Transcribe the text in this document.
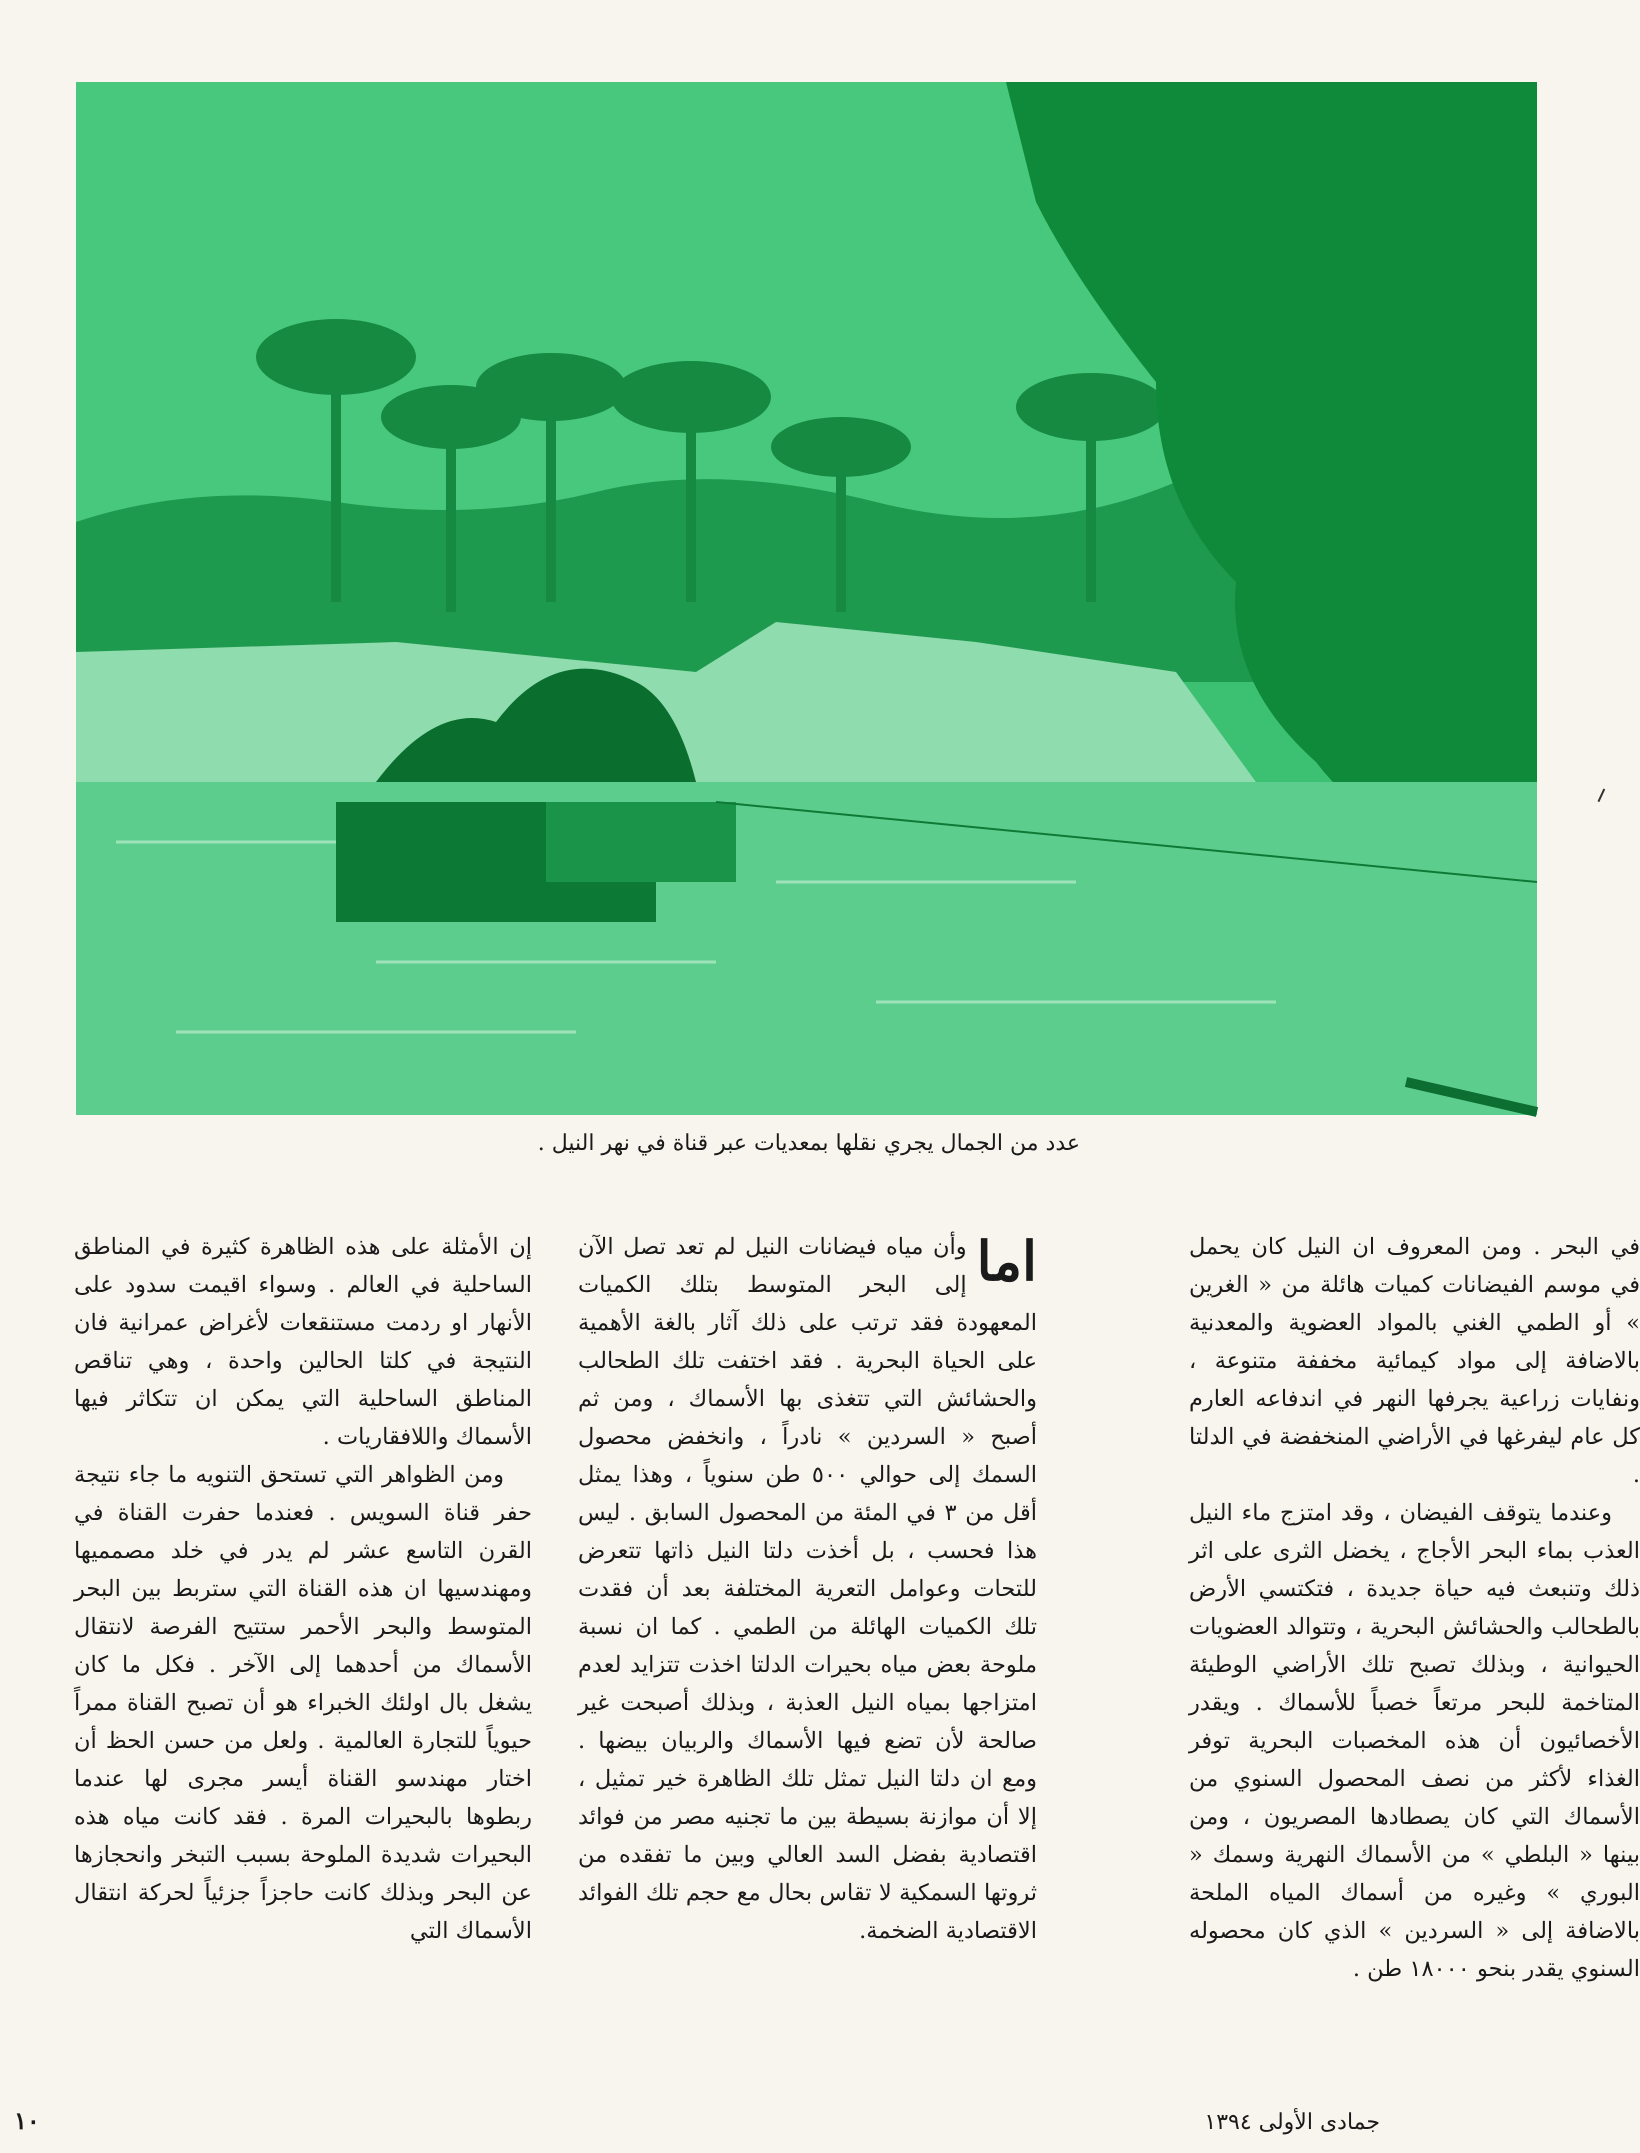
عدد من الجمال يجري نقلها بمعديات عبر قناة في نهر النيل .

في البحر . ومن المعروف ان النيل كان يحمل في موسم الفيضانات كميات هائلة من « الغرين » أو الطمي الغني بالمواد العضوية والمعدنية بالاضافة إلى مواد كيمائية مخففة متنوعة ، ونفايات زراعية يجرفها النهر في اندفاعه العارم كل عام ليفرغها في الأراضي المنخفضة في الدلتا .

وعندما يتوقف الفيضان ، وقد امتزج ماء النيل العذب بماء البحر الأجاج ، يخضل الثرى على اثر ذلك وتنبعث فيه حياة جديدة ، فتكتسي الأرض بالطحالب والحشائش البحرية ، وتتوالد العضويات الحيوانية ، وبذلك تصبح تلك الأراضي الوطيئة المتاخمة للبحر مرتعاً خصباً للأسماك . ويقدر الأخصائيون أن هذه المخصبات البحرية توفر الغذاء لأكثر من نصف المحصول السنوي من الأسماك التي كان يصطادها المصريون ، ومن بينها « البلطي » من الأسماك النهرية وسمك « البوري » وغيره من أسماك المياه الملحة بالاضافة إلى « السردين » الذي كان محصوله السنوي يقدر بنحو ١٨٠٠٠ طن .

اما

وأن مياه فيضانات النيل لم تعد تصل الآن إلى البحر المتوسط بتلك الكميات المعهودة فقد ترتب على ذلك آثار بالغة الأهمية على الحياة البحرية . فقد اختفت تلك الطحالب والحشائش التي تتغذى بها الأسماك ، ومن ثم أصبح « السردين » نادراً ، وانخفض محصول السمك إلى حوالي ٥٠٠ طن سنوياً ، وهذا يمثل أقل من ٣ في المئة من المحصول السابق . ليس هذا فحسب ، بل أخذت دلتا النيل ذاتها تتعرض للتحات وعوامل التعرية المختلفة بعد أن فقدت تلك الكميات الهائلة من الطمي . كما ان نسبة ملوحة بعض مياه بحيرات الدلتا اخذت تتزايد لعدم امتزاجها بمياه النيل العذبة ، وبذلك أصبحت غير صالحة لأن تضع فيها الأسماك والربيان بيضها . ومع ان دلتا النيل تمثل تلك الظاهرة خير تمثيل ، إلا أن موازنة بسيطة بين ما تجنيه مصر من فوائد اقتصادية بفضل السد العالي وبين ما تفقده من ثروتها السمكية لا تقاس بحال مع حجم تلك الفوائد الاقتصادية الضخمة.

إن الأمثلة على هذه الظاهرة كثيرة في المناطق الساحلية في العالم . وسواء اقيمت سدود على الأنهار او ردمت مستنقعات لأغراض عمرانية فان النتيجة في كلتا الحالين واحدة ، وهي تناقص المناطق الساحلية التي يمكن ان تتكاثر فيها الأسماك واللافقاريات .

ومن الظواهر التي تستحق التنويه ما جاء نتيجة حفر قناة السويس . فعندما حفرت القناة في القرن التاسع عشر لم يدر في خلد مصمميها ومهندسيها ان هذه القناة التي ستربط بين البحر المتوسط والبحر الأحمر ستتيح الفرصة لانتقال الأسماك من أحدهما إلى الآخر . فكل ما كان يشغل بال اولئك الخبراء هو أن تصبح القناة ممراً حيوياً للتجارة العالمية . ولعل من حسن الحظ أن اختار مهندسو القناة أيسر مجرى لها عندما ربطوها بالبحيرات المرة . فقد كانت مياه هذه البحيرات شديدة الملوحة بسبب التبخر وانحجازها عن البحر وبذلك كانت حاجزاً جزئياً لحركة انتقال الأسماك التي

جمادى الأولى ١٣٩٤
١٠
